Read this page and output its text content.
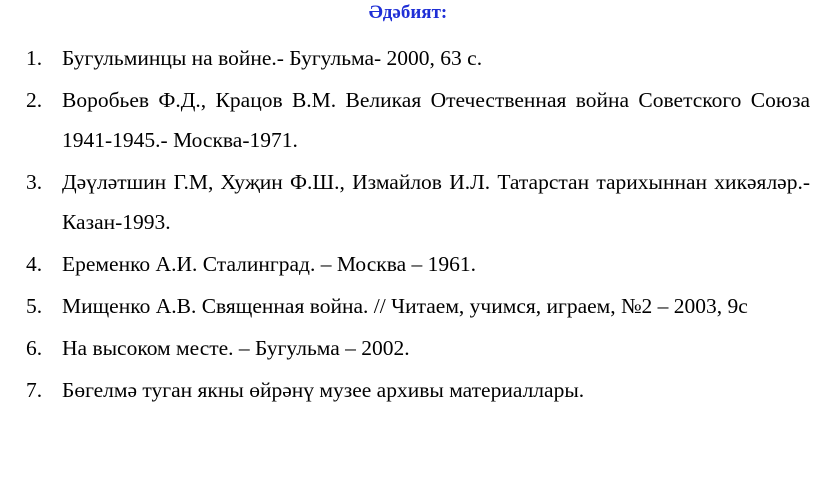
Әдәбият:
1. Бугульминцы на войне.- Бугульма- 2000, 63 с.
2. Воробьев Ф.Д., Крацов В.М. Великая Отечественная война Советского Союза 1941-1945.- Москва-1971.
3. Дәүләтшин Г.М, Хуҗин Ф.Ш., Измайлов И.Л. Татарстан тарихыннан хикәяләр.-Казан-1993.
4. Еременко А.И. Сталинград. – Москва – 1961.
5. Мищенко А.В. Священная война. // Читаем, учимся, играем, №2 – 2003, 9с
6. На высоком месте. – Бугульма – 2002.
7. Бөгелмә туган якны өйрәнү музее архивы материаллары.
